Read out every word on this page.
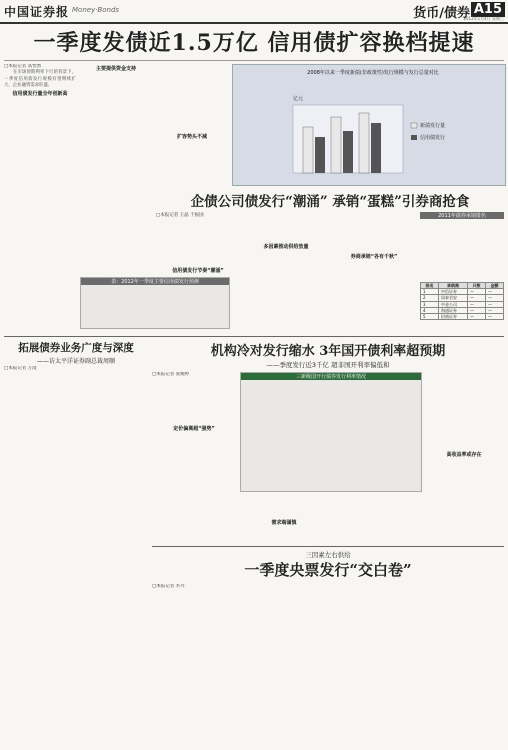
中国证券报 Money·Bonds	货币/债券 A15
2012年1月4日 星期三
一季度发债近1.5万亿 信用债扩容换档提速
□本报记者 高怡然

在市场预期利率下行的背景下，一季度信用债发行规模有望继续扩大，企业融资需求旺盛。

信用债发行量全年创新高
主要提供资金支持
扩容势头不减
表：2012年一季度主要信用债发行预测
2008年以来一季度新债(非政策性)发行规模与发行总量对比
亿元
新债发行量
信用债发行
企债公司债发行“潮涌” 承销“蛋糕”引券商抢食
□本报记者 王晶 于振国
信用债发行节奏“潮涌”
多因素推动供给放量
券商承销“各有千秋”
排名	承销商	只数	金额
1	中信证券	—	—
2	国泰君安	—	—
3	中金公司	—	—
4	海通证券	—	—
5	招商证券	—	—
2011年债券承销排名
拓展债券业务广度与深度
——访太平洋证券副总裁周顺
□本报记者 万澄
机构冷对发行缩水 3年国开债利率超预期
——季度发行近3千亿 超非国开利率偏低和
□本报记者 张婉婷
定价偏离超“强势”
三新级国开行债券发行利率情况
需求端谨慎
高收益率或存在
三因素左右供给
一季度央票发行“交白卷”
□本报记者 李丹
